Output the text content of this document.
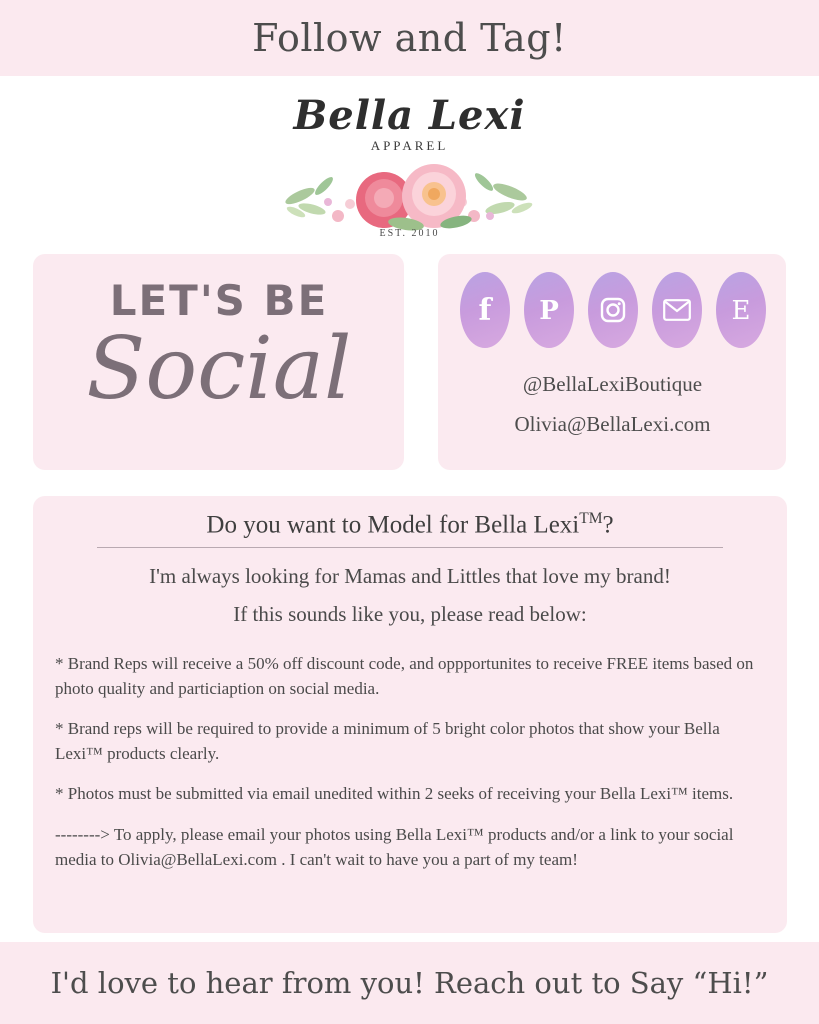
Follow and Tag!
Bella Lexi
APPAREL
EST. 2010
LET'S BE
Social
f P	E
@BellaLexiBoutique
Olivia@BellaLexi.com
Do you want to Model for Bella Lexi™?
I'm always looking for Mamas and Littles that love my brand!
If this sounds like you, please read below:

* Brand Reps will receive a 50% off discount code, and oppportunites to receive FREE items based on photo quality and particiaption on social media.

* Brand reps will be required to provide a minimum of 5 bright color photos that show your Bella Lexi™ products clearly.

* Photos must be submitted via email unedited within 2 seeks of receiving your Bella Lexi™ items.

--------> To apply, please email your photos using Bella Lexi™ products and/or a link to your social media to Olivia@BellaLexi.com . I can't wait to have you a part of my team!

I'd love to hear from you! Reach out to Say “Hi!”
